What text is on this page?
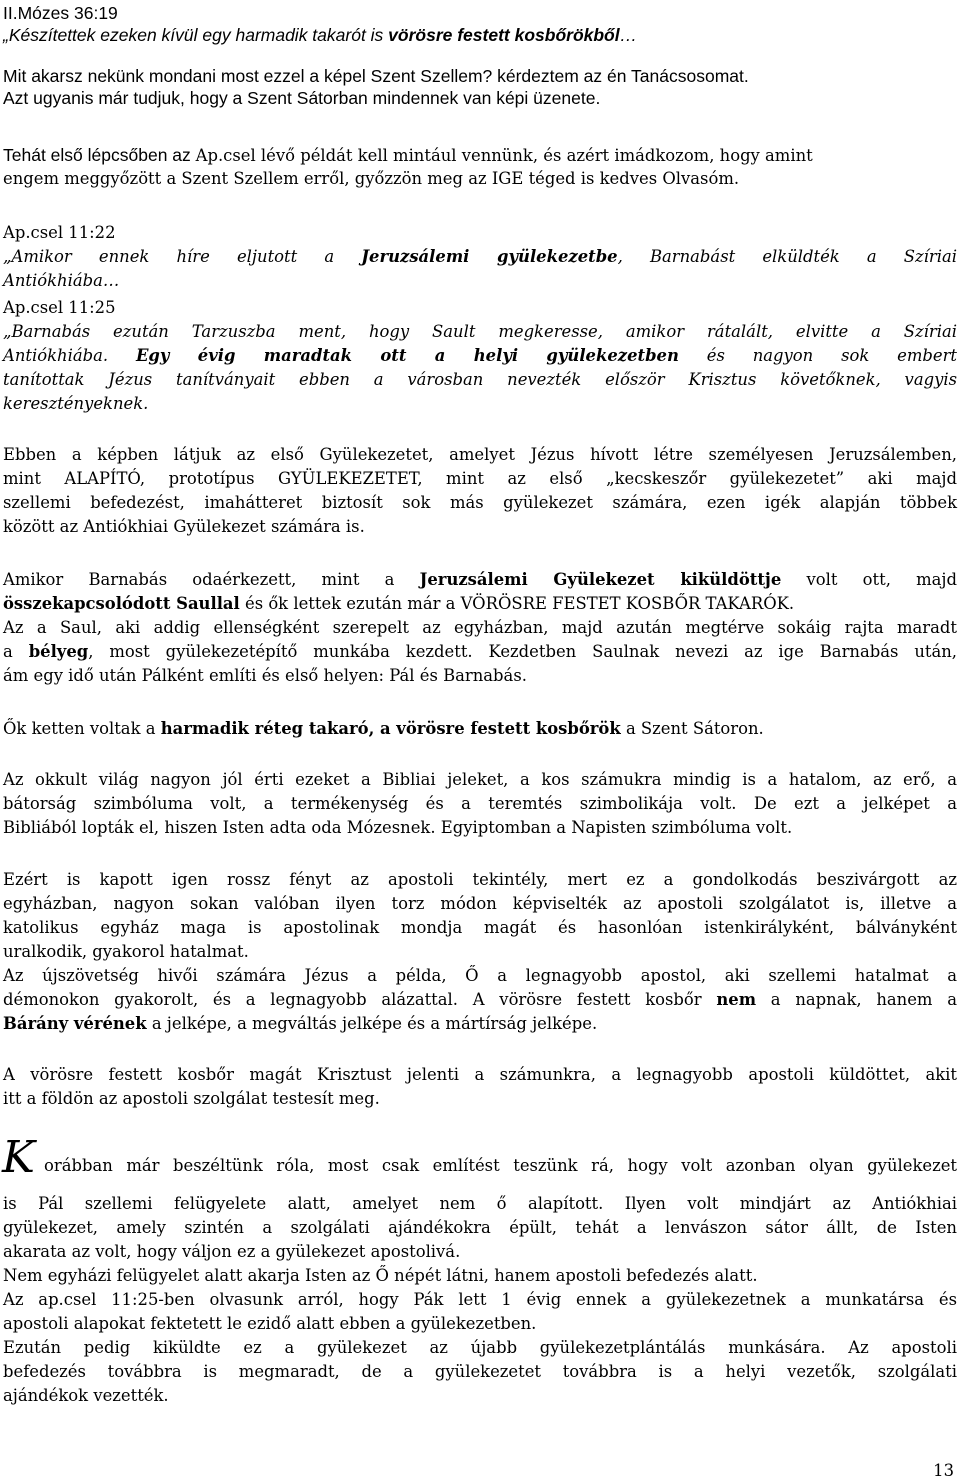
II.Mózes 36:19

„Készítettek ezeken kívül egy harmadik takarót is vörösre festett kosbőrökből…

Mit akarsz nekünk mondani most ezzel a képel Szent Szellem? kérdeztem az én Tanácsosomat.

Azt ugyanis már tudjuk, hogy a Szent Sátorban mindennek van képi üzenete.

Tehát első lépcsőben az Ap.csel lévő példát kell mintául vennünk, és azért imádkozom, hogy amint

engem meggyőzött a Szent Szellem erről, győzzön meg az IGE téged is kedves Olvasóm.

Ap.csel 11:22

„Amikor ennek híre eljutott a Jeruzsálemi gyülekezetbe, Barnabást elküldték a Szíriai

Antiókhiába…

Ap.csel 11:25

„Barnabás ezután Tarzuszba ment, hogy Sault megkeresse, amikor rátalált, elvitte a Szíriai

Antiókhiába. Egy évig maradtak ott a helyi gyülekezetben és nagyon sok embert

tanítottak Jézus tanítványait ebben a városban nevezték először Krisztus követőknek, vagyis

keresztényeknek.

Ebben a képben látjuk az első Gyülekezetet, amelyet Jézus hívott létre személyesen Jeruzsálemben,

mint ALAPÍTÓ, prototípus GYÜLEKEZETET, mint az első „kecskeszőr gyülekezetet” aki majd

szellemi befedezést, imahátteret biztosít sok más gyülekezet számára, ezen igék alapján többek

között az Antiókhiai Gyülekezet számára is.

Amikor Barnabás odaérkezett, mint a Jeruzsálemi Gyülekezet kiküldöttje volt ott, majd

összekapcsolódott Saullal és ők lettek ezután már a VÖRÖSRE FESTET KOSBŐR TAKARÓK.

Az a Saul, aki addig ellenségként szerepelt az egyházban, majd azután megtérve sokáig rajta maradt

a bélyeg, most gyülekezetépítő munkába kezdett. Kezdetben Saulnak nevezi az ige Barnabás után,

ám egy idő után Pálként említi és első helyen: Pál és Barnabás.

Ők ketten voltak a harmadik réteg takaró, a vörösre festett kosbőrök a Szent Sátoron.

Az okkult világ nagyon jól érti ezeket a Bibliai jeleket, a kos számukra mindig is a hatalom, az erő, a

bátorság szimbóluma volt, a termékenység és a teremtés szimbolikája volt. De ezt a jelképet a

Bibliából lopták el, hiszen Isten adta oda Mózesnek. Egyiptomban a Napisten szimbóluma volt.

Ezért is kapott igen rossz fényt az apostoli tekintély, mert ez a gondolkodás beszivárgott az

egyházban, nagyon sokan valóban ilyen torz módon képviselték az apostoli szolgálatot is, illetve a

katolikus egyház maga is apostolinak mondja magát és hasonlóan istenkirályként, bálványként

uralkodik, gyakorol hatalmat.

Az újszövetség hivői számára Jézus a példa, Ő a legnagyobb apostol, aki szellemi hatalmat a

démonokon gyakorolt, és a legnagyobb alázattal. A vörösre festett kosbőr nem a napnak, hanem a

Bárány vérének a jelképe, a megváltás jelképe és a mártírság jelképe.

A vörösre festett kosbőr magát Krisztust jelenti a számunkra, a legnagyobb apostoli küldöttet, akit

itt a földön az apostoli szolgálat testesít meg.

K orábban már beszéltünk róla, most csak említést teszünk rá, hogy volt azonban olyan gyülekezet

is Pál szellemi felügyelete alatt, amelyet nem ő alapított. Ilyen volt mindjárt az Antiókhiai

gyülekezet, amely szintén a szolgálati ajándékokra épült, tehát a lenvászon sátor állt, de Isten

akarata az volt, hogy váljon ez a gyülekezet apostolivá.

Nem egyházi felügyelet alatt akarja Isten az Ő népét látni, hanem apostoli befedezés alatt.

Az ap.csel 11:25-ben olvasunk arról, hogy Pák lett 1 évig ennek a gyülekezetnek a munkatársa és

apostoli alapokat fektetett le ezidő alatt ebben a gyülekezetben.

Ezután pedig kiküldte ez a gyülekezet az újabb gyülekezetplántálás munkására. Az apostoli

befedezés továbbra is megmaradt, de a gyülekezetet továbbra is a helyi vezetők, szolgálati

ajándékok vezették.

13
